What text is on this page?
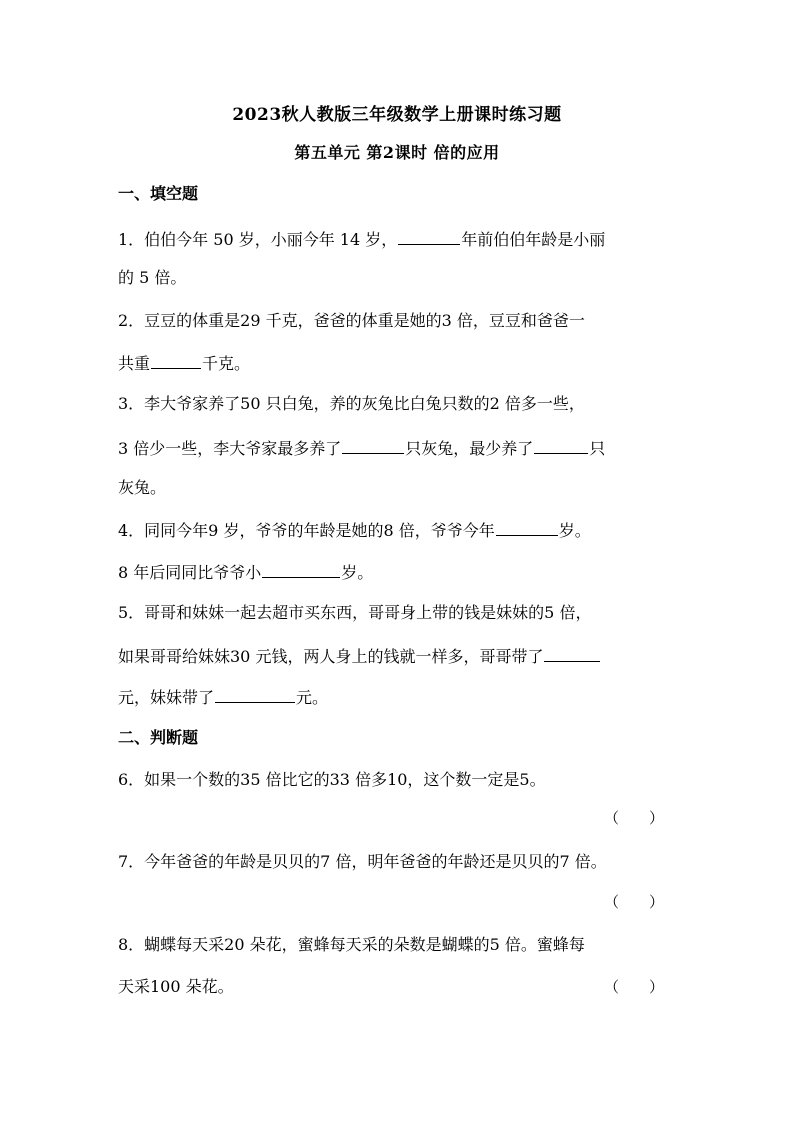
2023秋人教版三年级数学上册课时练习题
第五单元 第2课时 倍的应用
一、填空题
1．伯伯今年 50 岁，小丽今年 14 岁，	年前伯伯年龄是小丽
的 5 倍。
2．豆豆的体重是29 千克，爸爸的体重是她的3 倍，豆豆和爸爸一
共重	千克。
3．李大爷家养了50 只白兔，养的灰兔比白兔只数的2 倍多一些，
3 倍少一些，李大爷家最多养了	只灰兔，最少养了	只
灰兔。
4．同同今年9 岁，爷爷的年龄是她的8 倍，爷爷今年	岁。
8 年后同同比爷爷小	岁。
5．哥哥和妹妹一起去超市买东西，哥哥身上带的钱是妹妹的5 倍，
如果哥哥给妹妹30 元钱，两人身上的钱就一样多，哥哥带了
元，妹妹带了	元。
二、判断题
6．如果一个数的35 倍比它的33 倍多10，这个数一定是5。
（　　）
7．今年爸爸的年龄是贝贝的7 倍，明年爸爸的年龄还是贝贝的7 倍。
（　　）
8．蝴蝶每天采20 朵花，蜜蜂每天采的朵数是蝴蝶的5 倍。蜜蜂每
天采100 朵花。	（　　）
